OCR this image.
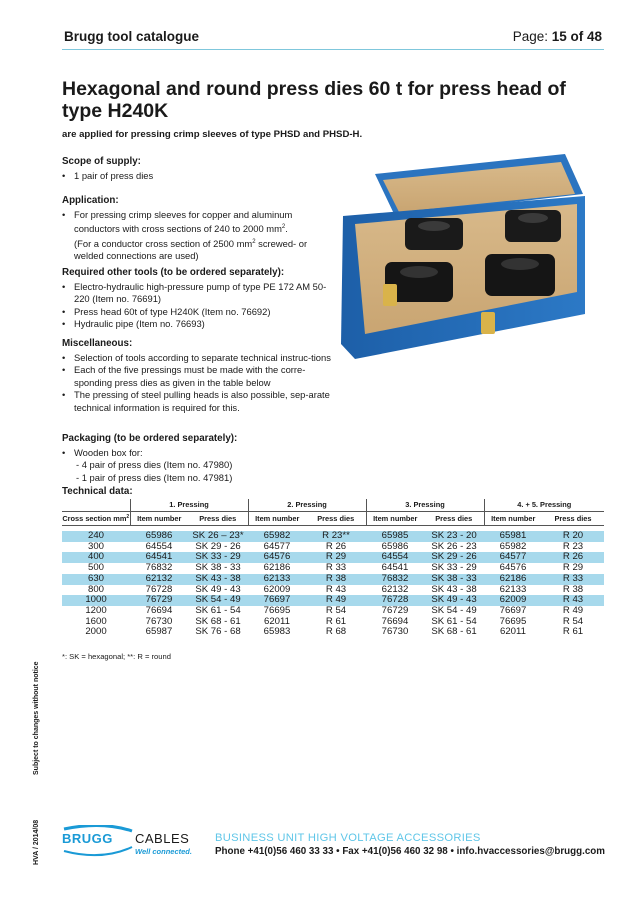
Brugg tool catalogue	Page: 15 of 48
Hexagonal and round press dies 60 t for press head of type H240K
are applied for pressing crimp sleeves of type PHSD and PHSD-H.
Scope of supply:
• 1 pair of press dies
Application:
• For pressing crimp sleeves for copper and aluminum conductors with cross sections of 240 to 2000 $mm^2$.
(For a conductor cross section of 2500 $mm^2$ screwed- or welded connections are used)
Required other tools (to be ordered separately):
• Electro-hydraulic high-pressure pump of type PE 172 AM 50-220 (Item no. 76691)
• Press head 60t of type H240K (Item no. 76692)
• Hydraulic pipe (Item no. 76693)
Miscellaneous:
• Selection of tools according to separate technical instruc-tions
• Each of the five pressings must be made with the corre-sponding press dies as given in the table below
• The pressing of steel pulling heads is also possible, sep-arate technical information is required for this.
Packaging (to be ordered separately):
• Wooden box for:
- 4 pair of press dies (Item no. 47980)
- 1 pair of press dies (Item no. 47981)
Technical data:
	1. Pressing		2. Pressing		3. Pressing		4. + 5. Pressing	
Cross section $mm^2$	Item number	Press dies	Item number	Press dies	Item number	Press dies	Item number	Press dies

240	65986	SK 26 – 23*	65982	R 23**	65985	SK 23 - 20	65981	R 20
300	64554	SK 29 - 26	64577	R 26	65986	SK 26 - 23	65982	R 23
400	64541	SK 33 - 29	64576	R 29	64554	SK 29 - 26	64577	R 26
500	76832	SK 38 - 33	62186	R 33	64541	SK 33 - 29	64576	R 29
630	62132	SK 43 - 38	62133	R 38	76832	SK 38 - 33	62186	R 33
800	76728	SK 49 - 43	62009	R 43	62132	SK 43 - 38	62133	R 38
1000	76729	SK 54 - 49	76697	R 49	76728	SK 49 - 43	62009	R 43
1200	76694	SK 61 - 54	76695	R 54	76729	SK 54 - 49	76697	R 49
1600	76730	SK 68 - 61	62011	R 61	76694	SK 61 - 54	76695	R 54
2000	65987	SK 76 - 68	65983	R 68	76730	SK 68 - 61	62011	R 61
*: SK = hexagonal; **: R = round
Subject to changes without notice
HVA / 2014/08 BRUGG CABLES
Well connected.
BUSINESS UNIT HIGH VOLTAGE ACCESSORIES
Phone +41(0)56 460 33 33 • Fax +41(0)56 460 32 98 • info.hvaccessories@brugg.com
